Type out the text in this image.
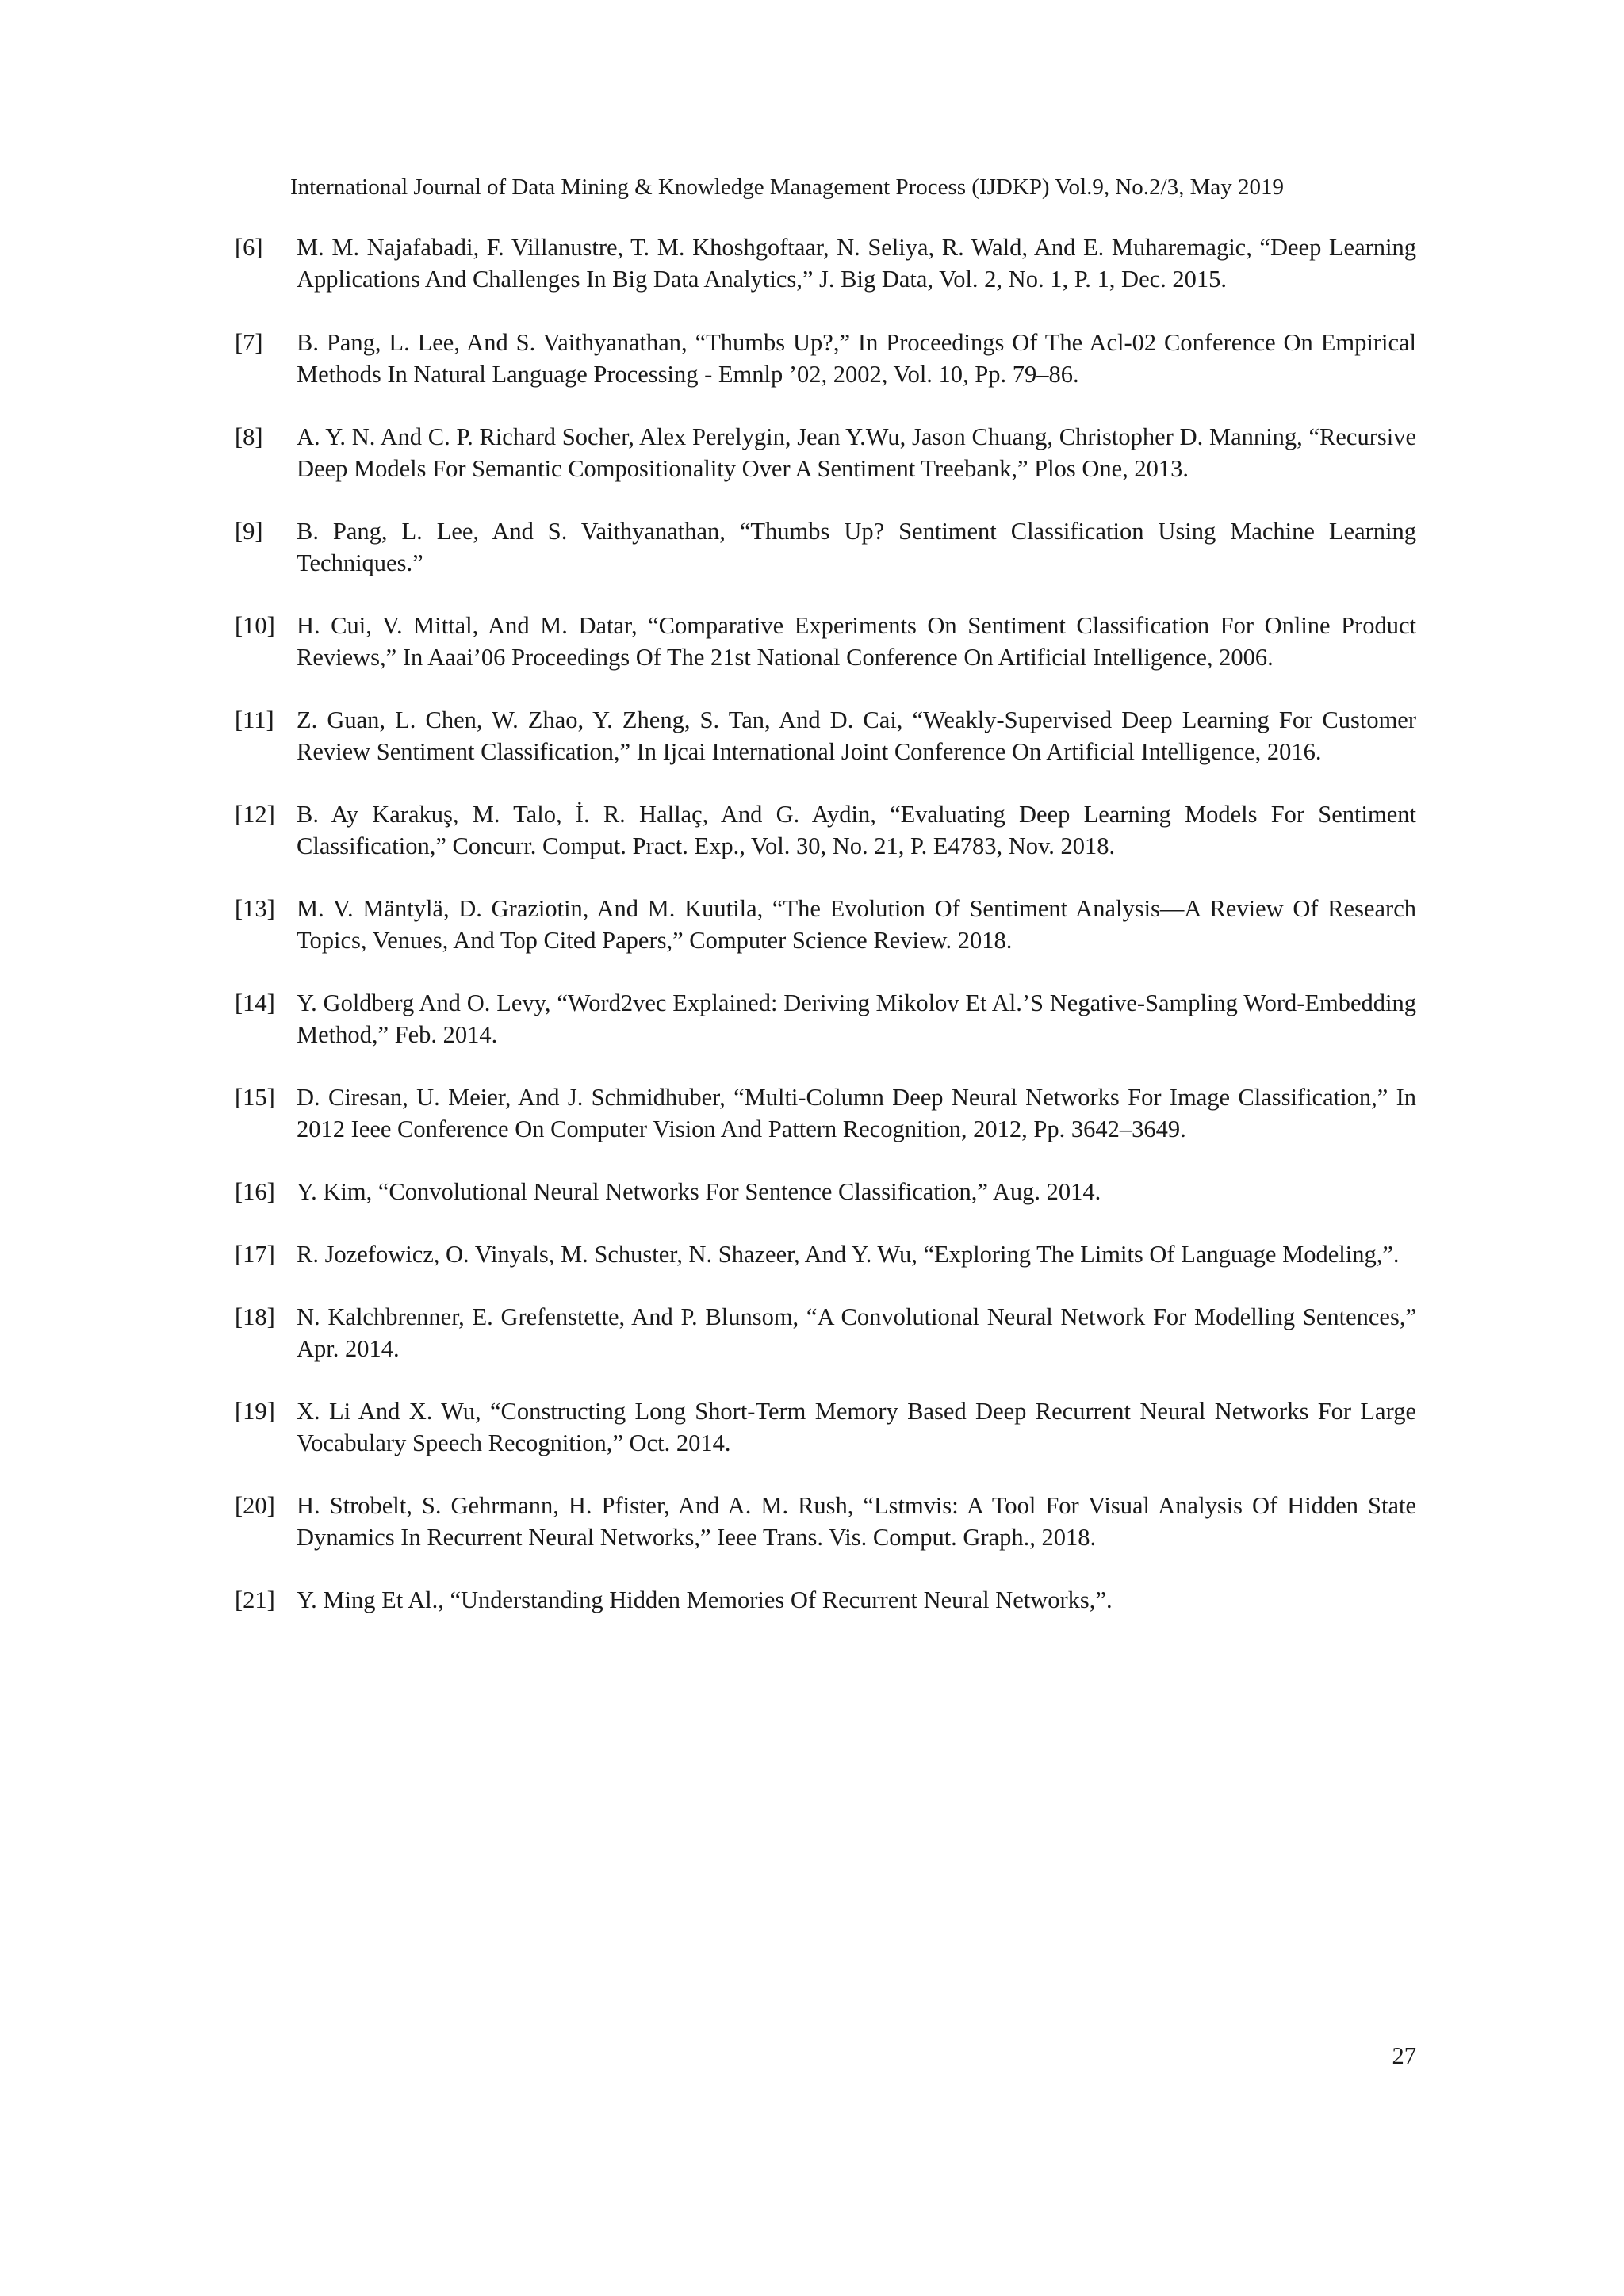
International Journal of Data Mining & Knowledge Management Process (IJDKP) Vol.9, No.2/3, May 2019
[6]	M. M. Najafabadi, F. Villanustre, T. M. Khoshgoftaar, N. Seliya, R. Wald, And E. Muharemagic, “Deep Learning Applications And Challenges In Big Data Analytics,” J. Big Data, Vol. 2, No. 1, P. 1, Dec. 2015.
[7]	B. Pang, L. Lee, And S. Vaithyanathan, “Thumbs Up?,” In Proceedings Of The Acl-02 Conference On Empirical Methods In Natural Language Processing - Emnlp ’02, 2002, Vol. 10, Pp. 79–86.
[8]	A. Y. N. And C. P. Richard Socher, Alex Perelygin, Jean Y.Wu, Jason Chuang, Christopher D. Manning, “Recursive Deep Models For Semantic Compositionality Over A Sentiment Treebank,” Plos One, 2013.
[9]	B. Pang, L. Lee, And S. Vaithyanathan, “Thumbs Up? Sentiment Classification Using Machine Learning Techniques.”
[10] H. Cui, V. Mittal, And M. Datar, “Comparative Experiments On Sentiment Classification For Online Product Reviews,” In Aaai’06 Proceedings Of The 21st National Conference On Artificial Intelligence, 2006.
[11] Z. Guan, L. Chen, W. Zhao, Y. Zheng, S. Tan, And D. Cai, “Weakly-Supervised Deep Learning For Customer Review Sentiment Classification,” In Ijcai International Joint Conference On Artificial Intelligence, 2016.
[12] B. Ay Karakuş, M. Talo, İ. R. Hallaç, And G. Aydin, “Evaluating Deep Learning Models For Sentiment Classification,” Concurr. Comput. Pract. Exp., Vol. 30, No. 21, P. E4783, Nov. 2018.
[13] M. V. Mäntylä, D. Graziotin, And M. Kuutila, “The Evolution Of Sentiment Analysis—A Review Of Research Topics, Venues, And Top Cited Papers,” Computer Science Review. 2018.
[14] Y. Goldberg And O. Levy, “Word2vec Explained: Deriving Mikolov Et Al.’S Negative-Sampling Word-Embedding Method,” Feb. 2014.
[15] D. Ciresan, U. Meier, And J. Schmidhuber, “Multi-Column Deep Neural Networks For Image Classification,” In 2012 Ieee Conference On Computer Vision And Pattern Recognition, 2012, Pp. 3642–3649.
[16] Y. Kim, “Convolutional Neural Networks For Sentence Classification,” Aug. 2014.
[17] R. Jozefowicz, O. Vinyals, M. Schuster, N. Shazeer, And Y. Wu, “Exploring The Limits Of Language Modeling,”.
[18] N. Kalchbrenner, E. Grefenstette, And P. Blunsom, “A Convolutional Neural Network For Modelling Sentences,” Apr. 2014.
[19] X. Li And X. Wu, “Constructing Long Short-Term Memory Based Deep Recurrent Neural Networks For Large Vocabulary Speech Recognition,” Oct. 2014.
[20] H. Strobelt, S. Gehrmann, H. Pfister, And A. M. Rush, “Lstmvis: A Tool For Visual Analysis Of Hidden State Dynamics In Recurrent Neural Networks,” Ieee Trans. Vis. Comput. Graph., 2018.
[21] Y. Ming Et Al., “Understanding Hidden Memories Of Recurrent Neural Networks,”.
27
